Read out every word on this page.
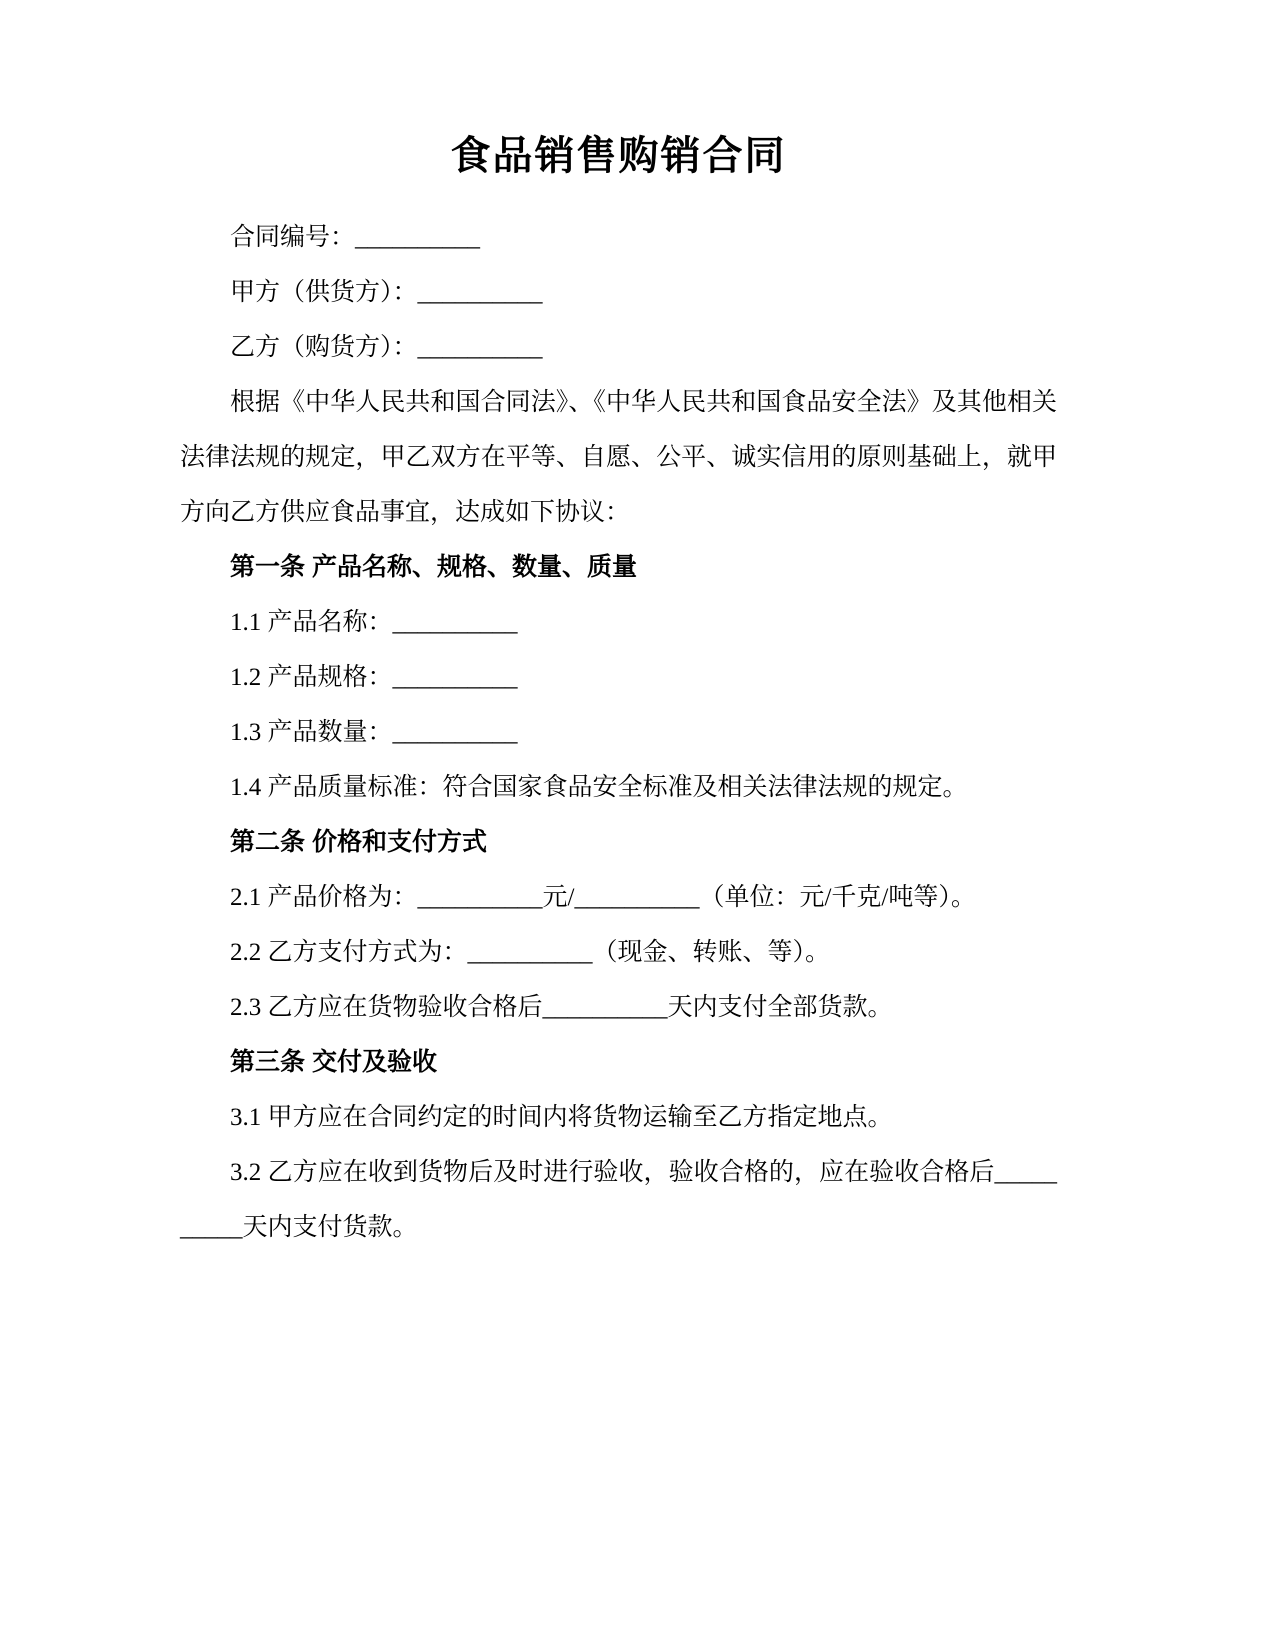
食品销售购销合同

合同编号：__________

甲方（供货方）：__________

乙方（购货方）：__________

根据《中华人民共和国合同法》、《中华人民共和国食品安全法》及其他相关法律法规的规定，甲乙双方在平等、自愿、公平、诚实信用的原则基础上，就甲方向乙方供应食品事宜，达成如下协议：

第一条 产品名称、规格、数量、质量

1.1 产品名称：__________

1.2 产品规格：__________

1.3 产品数量：__________

1.4 产品质量标准：符合国家食品安全标准及相关法律法规的规定。

第二条 价格和支付方式

2.1 产品价格为：__________元/__________（单位：元/千克/吨等）。

2.2 乙方支付方式为：__________（现金、转账、等）。

2.3 乙方应在货物验收合格后__________天内支付全部货款。

第三条 交付及验收

3.1 甲方应在合同约定的时间内将货物运输至乙方指定地点。

3.2 乙方应在收到货物后及时进行验收，验收合格的，应在验收合格后__________天内支付货款。
